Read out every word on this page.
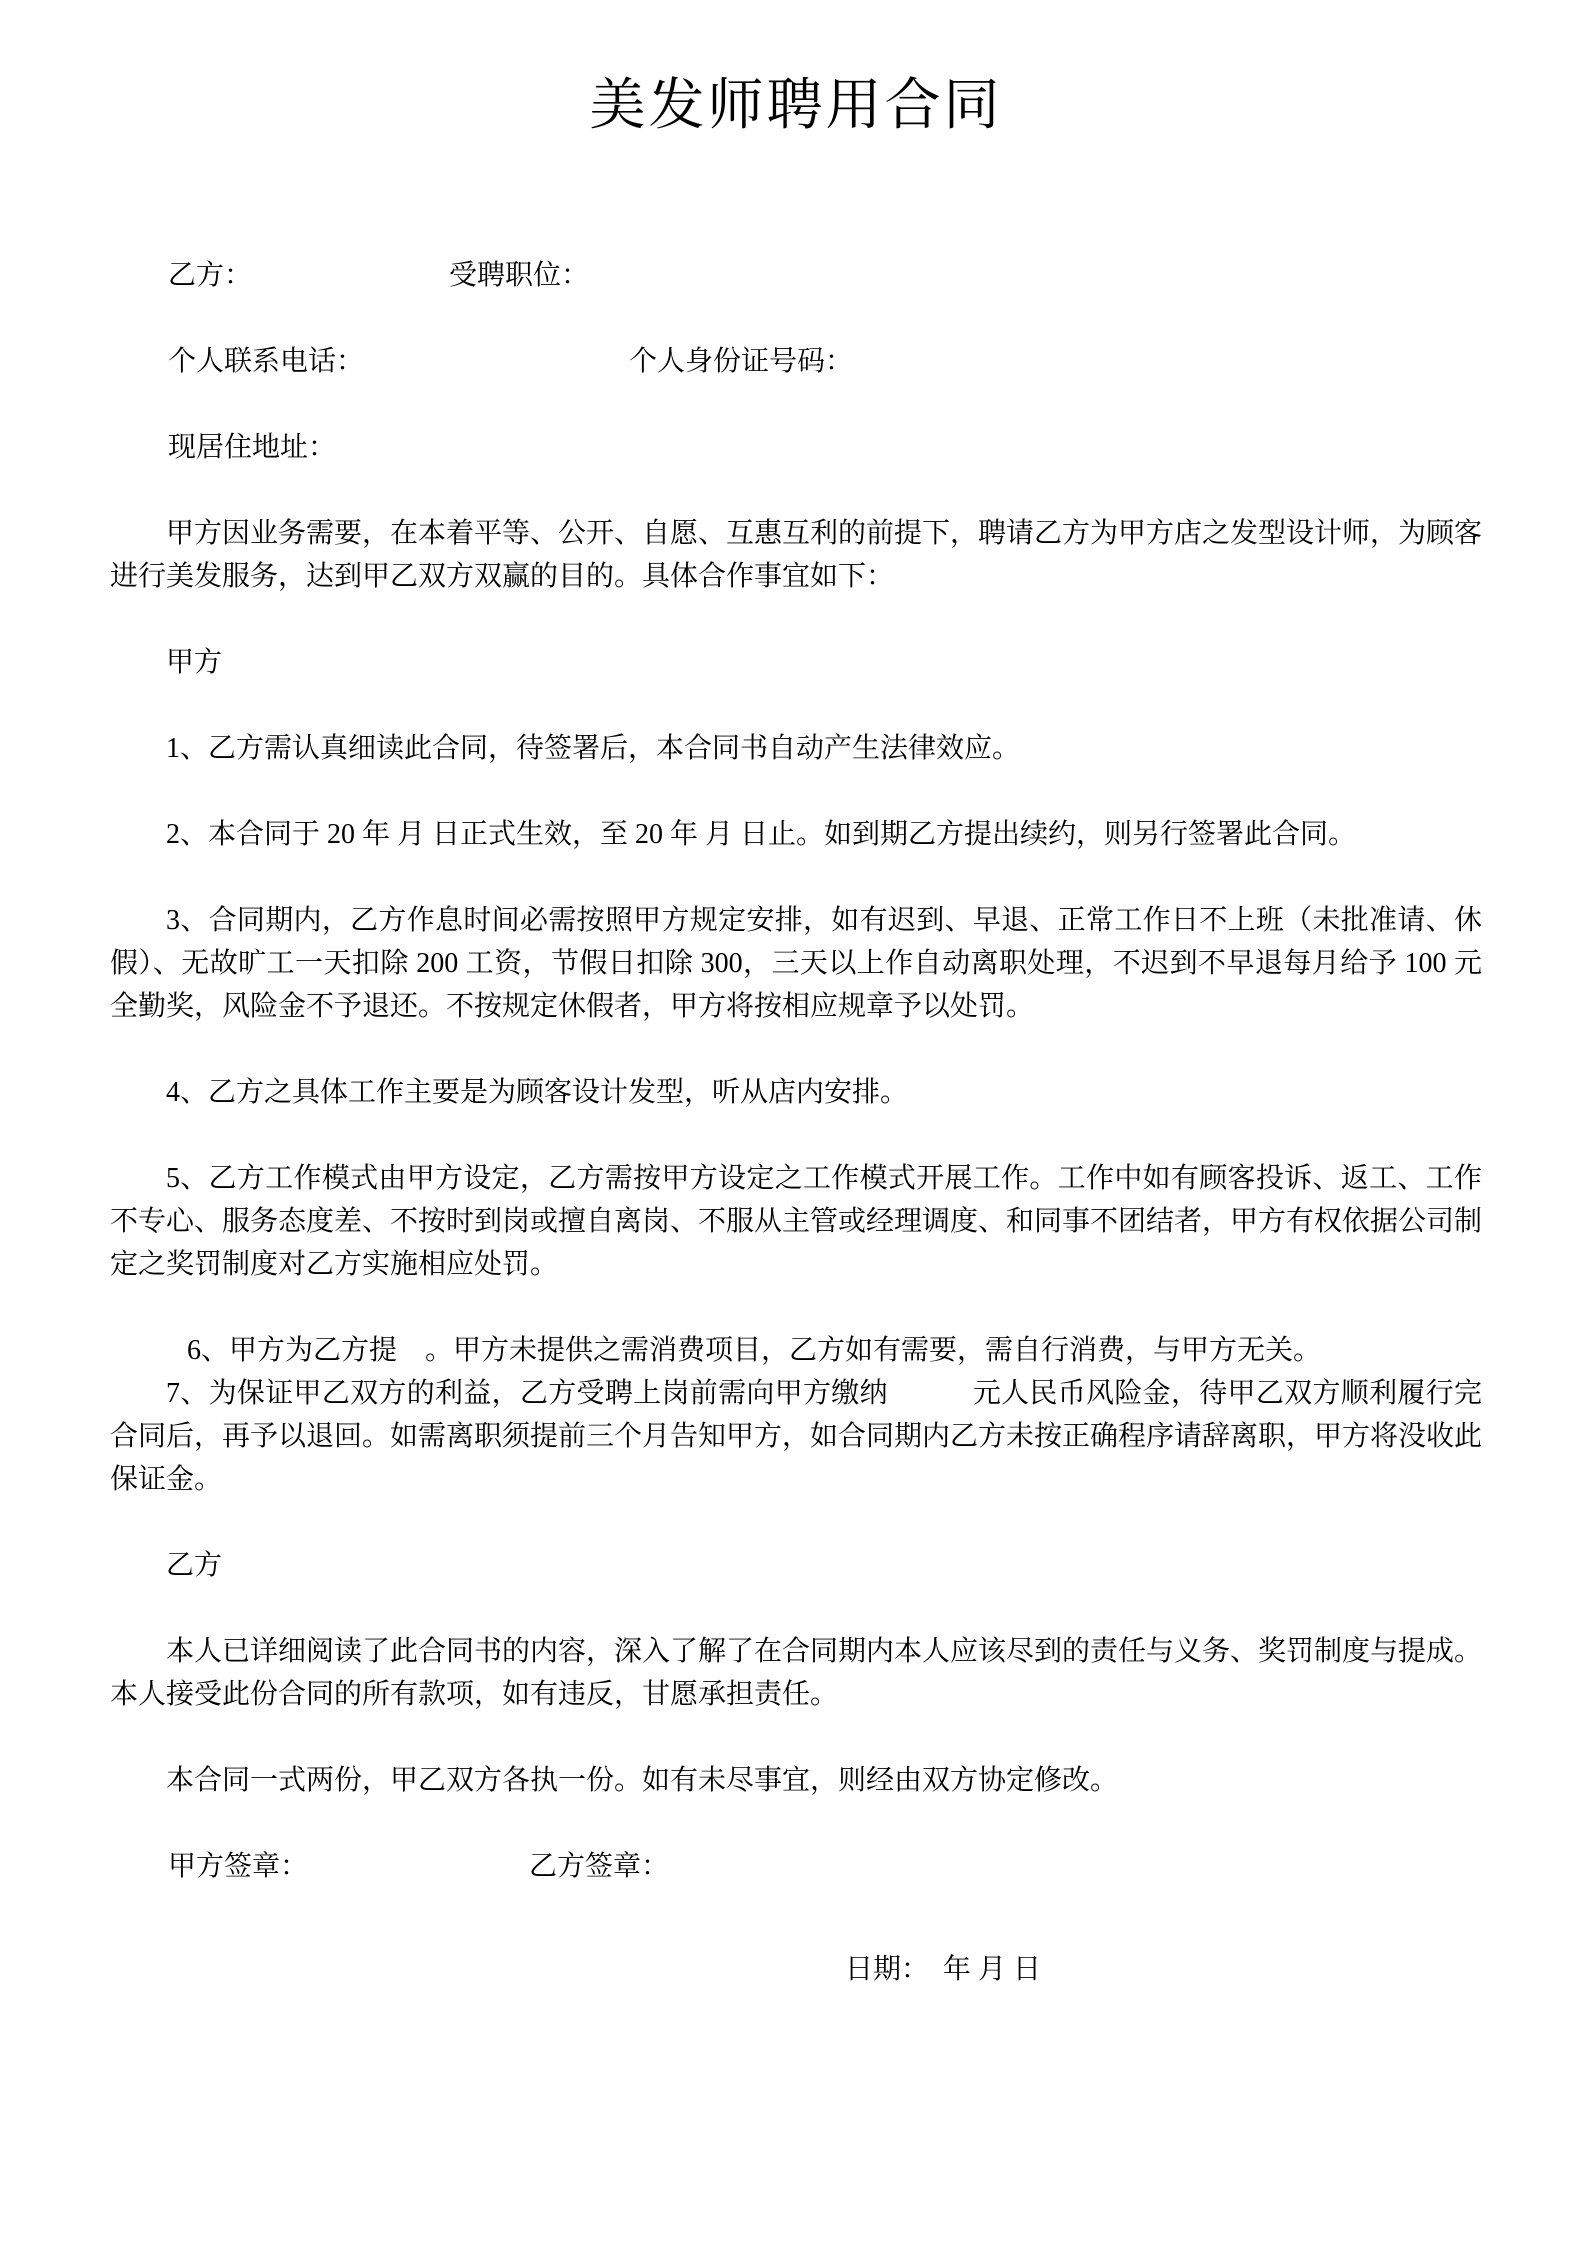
美发师聘用合同

乙方：	受聘职位：

个人联系电话：	个人身份证号码：

现居住地址：

甲方因业务需要，在本着平等、公开、自愿、互惠互利的前提下，聘请乙方为甲方店之发型设计师，为顾客进行美发服务，达到甲乙双方双赢的目的。具体合作事宜如下：

甲方

1、乙方需认真细读此合同，待签署后，本合同书自动产生法律效应。

2、本合同于 20 年 月 日正式生效，至 20 年 月 日止。如到期乙方提出续约，则另行签署此合同。

3、合同期内，乙方作息时间必需按照甲方规定安排，如有迟到、早退、正常工作日不上班（未批准请、休假）、无故旷工一天扣除 200 工资，节假日扣除 300，三天以上作自动离职处理，不迟到不早退每月给予 100 元全勤奖，风险金不予退还。不按规定休假者，甲方将按相应规章予以处罚。

4、乙方之具体工作主要是为顾客设计发型，听从店内安排。

5、乙方工作模式由甲方设定，乙方需按甲方设定之工作模式开展工作。工作中如有顾客投诉、返工、工作不专心、服务态度差、不按时到岗或擅自离岗、不服从主管或经理调度、和同事不团结者，甲方有权依据公司制定之奖罚制度对乙方实施相应处罚。

6、甲方为乙方提　。甲方未提供之需消费项目，乙方如有需要，需自行消费，与甲方无关。

7、为保证甲乙双方的利益，乙方受聘上岗前需向甲方缴纳　　　元人民币风险金，待甲乙双方顺利履行完合同后，再予以退回。如需离职须提前三个月告知甲方，如合同期内乙方未按正确程序请辞离职，甲方将没收此保证金。

乙方

本人已详细阅读了此合同书的内容，深入了解了在合同期内本人应该尽到的责任与义务、奖罚制度与提成。本人接受此份合同的所有款项，如有违反，甘愿承担责任。

本合同一式两份，甲乙双方各执一份。如有未尽事宜，则经由双方协定修改。

甲方签章：	乙方签章：

日期：　年 月 日
